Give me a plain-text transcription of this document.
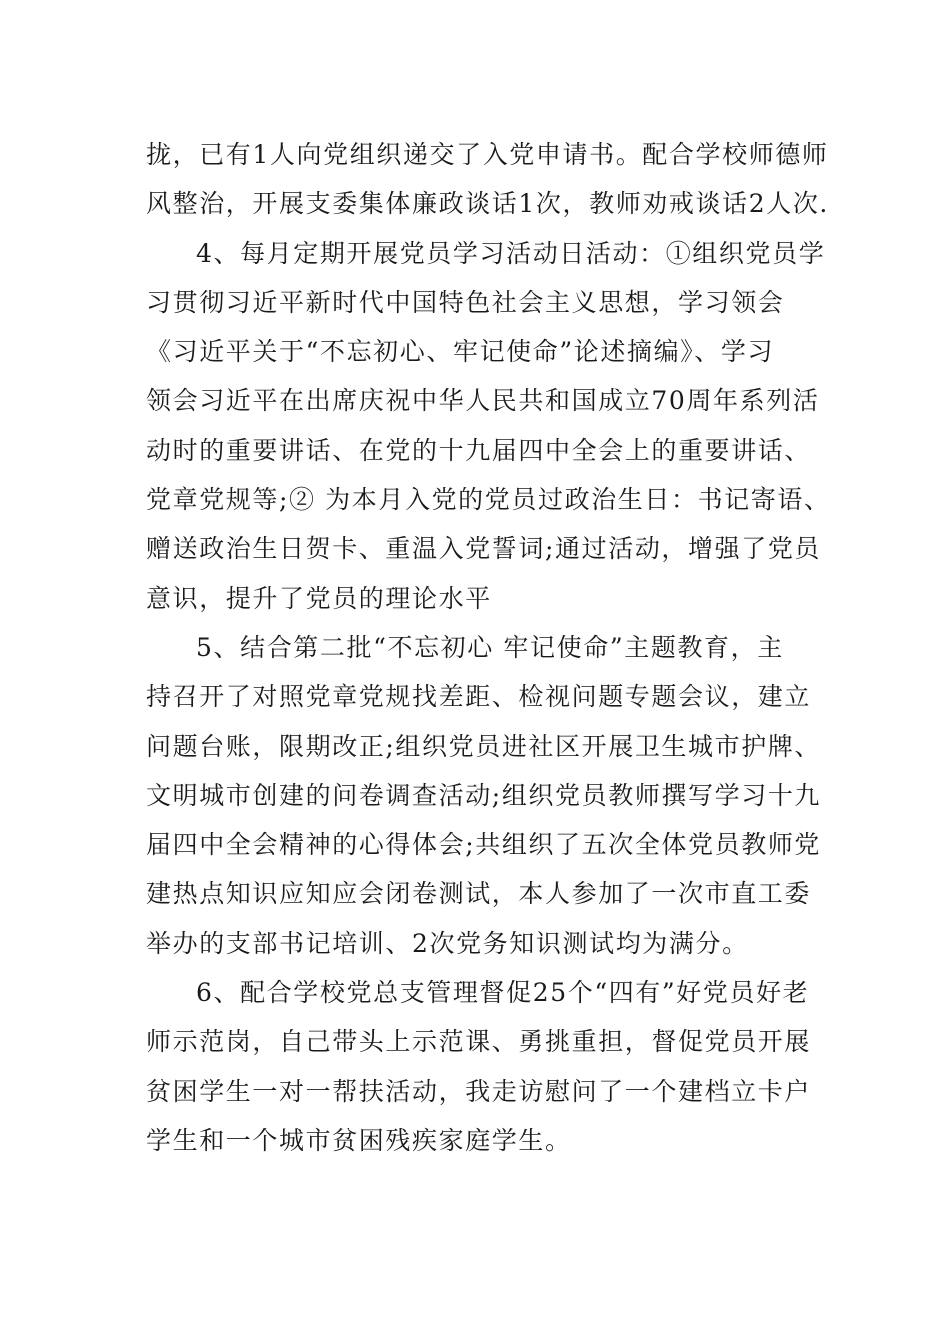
拢，已有1人向党组织递交了入党申请书。配合学校师德师
风整治，开展支委集体廉政谈话1次，教师劝戒谈话2人次.
4、每月定期开展党员学习活动日活动：①组织党员学
习贯彻习近平新时代中国特色社会主义思想，学习领会
《习近平关于“不忘初心、牢记使命”论述摘编》、学习
领会习近平在出席庆祝中华人民共和国成立70周年系列活
动时的重要讲话、在党的十九届四中全会上的重要讲话、
党章党规等;② 为本月入党的党员过政治生日：书记寄语、
赠送政治生日贺卡、重温入党誓词;通过活动，增强了党员
意识，提升了党员的理论水平
5、结合第二批“不忘初心 牢记使命”主题教育，主
持召开了对照党章党规找差距、检视问题专题会议，建立
问题台账，限期改正;组织党员进社区开展卫生城市护牌、
文明城市创建的问卷调查活动;组织党员教师撰写学习十九
届四中全会精神的心得体会;共组织了五次全体党员教师党
建热点知识应知应会闭卷测试，本人参加了一次市直工委
举办的支部书记培训、2次党务知识测试均为满分。
6、配合学校党总支管理督促25个“四有”好党员好老
师示范岗，自己带头上示范课、勇挑重担，督促党员开展
贫困学生一对一帮扶活动，我走访慰问了一个建档立卡户
学生和一个城市贫困残疾家庭学生。
